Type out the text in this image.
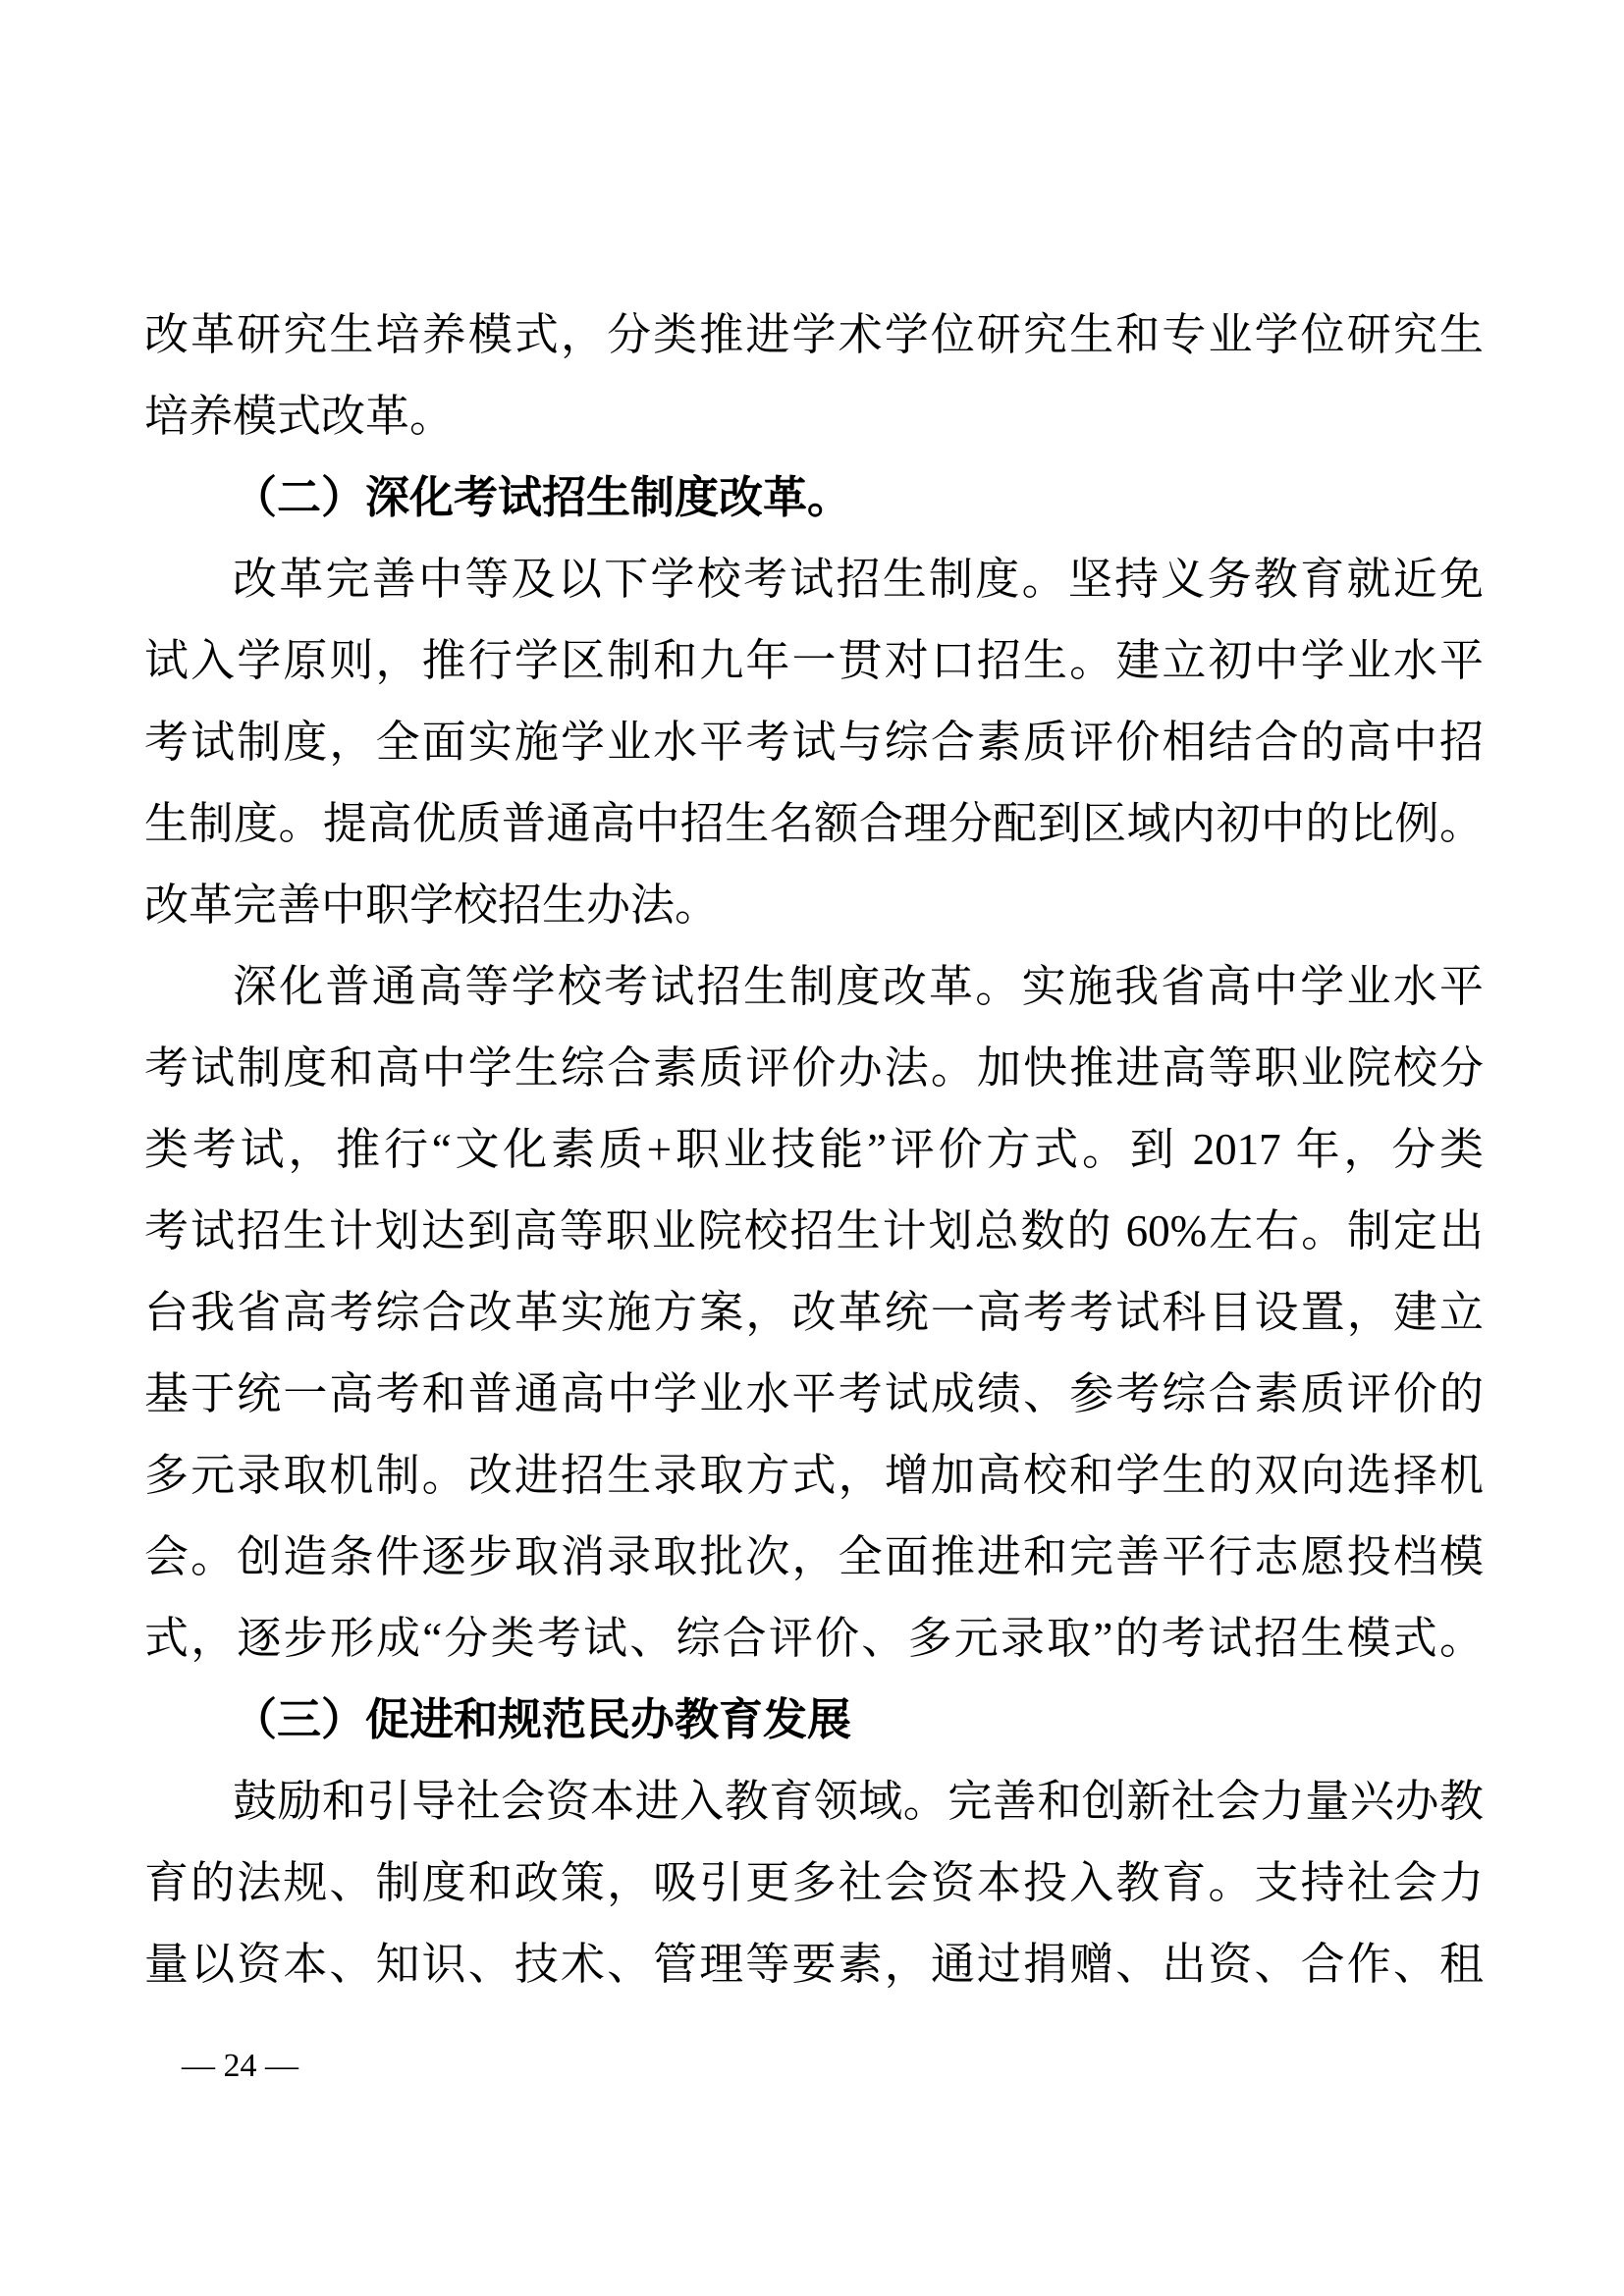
改革研究生培养模式，分类推进学术学位研究生和专业学位研究生
培养模式改革。
（二）深化考试招生制度改革。
改革完善中等及以下学校考试招生制度。坚持义务教育就近免
试入学原则，推行学区制和九年一贯对口招生。建立初中学业水平
考试制度，全面实施学业水平考试与综合素质评价相结合的高中招
生制度。提高优质普通高中招生名额合理分配到区域内初中的比例。
改革完善中职学校招生办法。
深化普通高等学校考试招生制度改革。实施我省高中学业水平
考试制度和高中学生综合素质评价办法。加快推进高等职业院校分
类考试，推行“文化素质+职业技能”评价方式。到 2017 年，分类
考试招生计划达到高等职业院校招生计划总数的 60%左右。制定出
台我省高考综合改革实施方案，改革统一高考考试科目设置，建立
基于统一高考和普通高中学业水平考试成绩、参考综合素质评价的
多元录取机制。改进招生录取方式，增加高校和学生的双向选择机
会。创造条件逐步取消录取批次，全面推进和完善平行志愿投档模
式，逐步形成“分类考试、综合评价、多元录取”的考试招生模式。
（三）促进和规范民办教育发展
鼓励和引导社会资本进入教育领域。完善和创新社会力量兴办教
育的法规、制度和政策，吸引更多社会资本投入教育。支持社会力
量以资本、知识、技术、管理等要素，通过捐赠、出资、合作、租
— 24 —
